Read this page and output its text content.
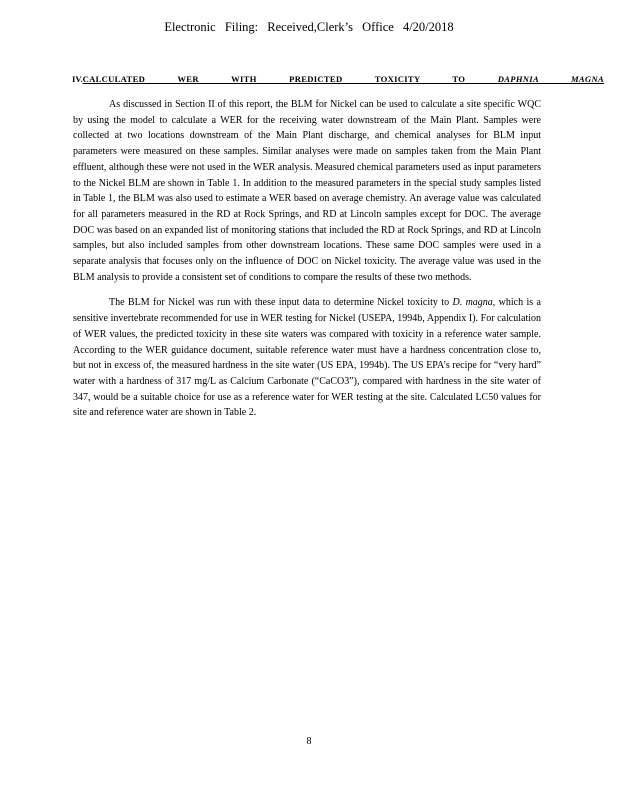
Electronic Filing: Received,Clerk’s Office 4/20/2018
IV. CALCULATED WER WITH PREDICTED TOXICITY TO DAPHNIA MAGNA

As discussed in Section II of this report, the BLM for Nickel can be used to calculate a site specific WQC by using the model to calculate a WER for the receiving water downstream of the Main Plant. Samples were collected at two locations downstream of the Main Plant discharge, and chemical analyses for BLM input parameters were measured on these samples. Similar analyses were made on samples taken from the Main Plant effluent, although these were not used in the WER analysis. Measured chemical parameters used as input parameters to the Nickel BLM are shown in Table 1. In addition to the measured parameters in the special study samples listed in Table 1, the BLM was also used to estimate a WER based on average chemistry. An average value was calculated for all parameters measured in the RD at Rock Springs, and RD at Lincoln samples except for DOC. The average DOC was based on an expanded list of monitoring stations that included the RD at Rock Springs, and RD at Lincoln samples, but also included samples from other downstream locations. These same DOC samples were used in a separate analysis that focuses only on the influence of DOC on Nickel toxicity. The average value was used in the BLM analysis to provide a consistent set of conditions to compare the results of these two methods.

The BLM for Nickel was run with these input data to determine Nickel toxicity to D. magna, which is a sensitive invertebrate recommended for use in WER testing for Nickel (USEPA, 1994b, Appendix I). For calculation of WER values, the predicted toxicity in these site waters was compared with toxicity in a reference water sample. According to the WER guidance document, suitable reference water must have a hardness concentration close to, but not in excess of, the measured hardness in the site water (US EPA, 1994b). The US EPA’s recipe for “very hard” water with a hardness of 317 mg/L as Calcium Carbonate (“CaCO3”), compared with hardness in the site water of 347, would be a suitable choice for use as a reference water for WER testing at the site. Calculated LC50 values for site and reference water are shown in Table 2.

8
